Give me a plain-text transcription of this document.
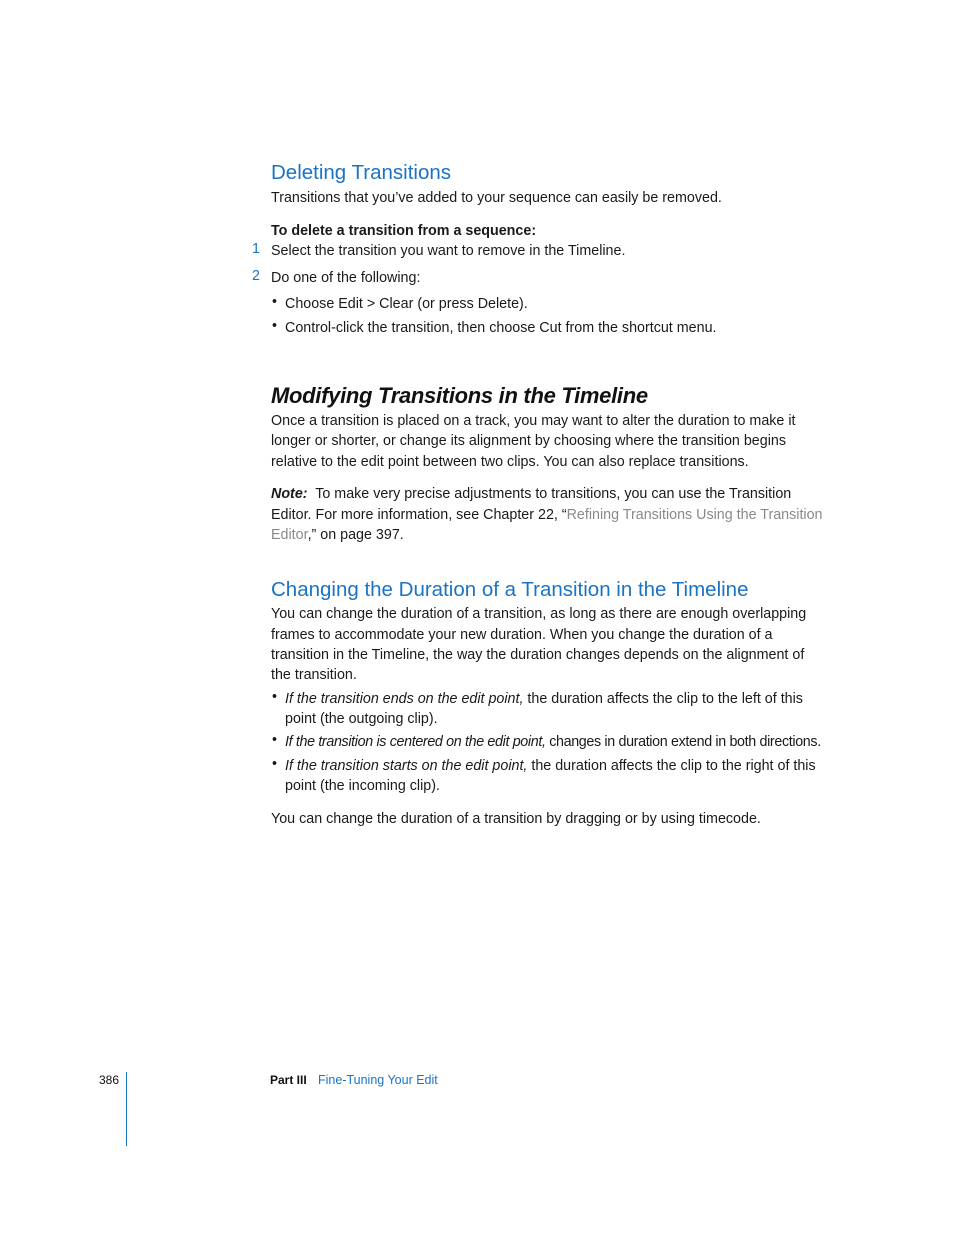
Deleting Transitions

Transitions that you’ve added to your sequence can easily be removed.

To delete a transition from a sequence:

1 Select the transition you want to remove in the Timeline.

2 Do one of the following:

• Choose Edit > Clear (or press Delete).

• Control-click the transition, then choose Cut from the shortcut menu.

Modifying Transitions in the Timeline

Once a transition is placed on a track, you may want to alter the duration to make it

longer or shorter, or change its alignment by choosing where the transition begins

relative to the edit point between two clips. You can also replace transitions.

Note: To make very precise adjustments to transitions, you can use the Transition

Editor. For more information, see Chapter 22, “Refining Transitions Using the Transition

Editor,” on page 397.

Changing the Duration of a Transition in the Timeline

You can change the duration of a transition, as long as there are enough overlapping

frames to accommodate your new duration. When you change the duration of a

transition in the Timeline, the way the duration changes depends on the alignment of

the transition.

• If the transition ends on the edit point, the duration affects the clip to the left of this

point (the outgoing clip).

• If the transition is centered on the edit point, changes in duration extend in both directions.

• If the transition starts on the edit point, the duration affects the clip to the right of this

point (the incoming clip).

You can change the duration of a transition by dragging or by using timecode.

386	Part III Fine-Tuning Your Edit
